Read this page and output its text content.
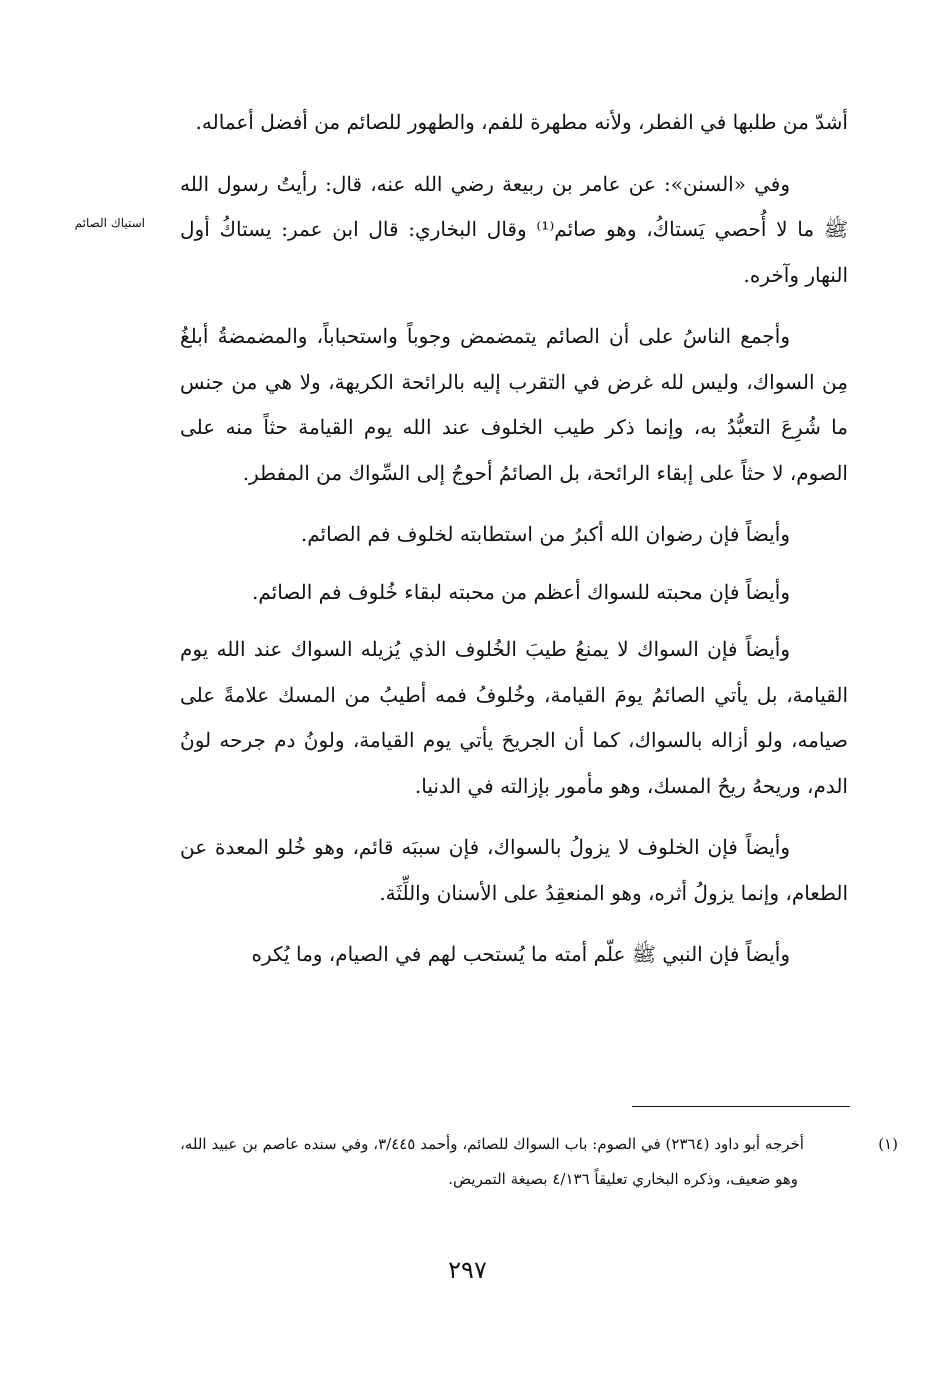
استياك الصائم

أشدّ من طلبها في الفطر، ولأنه مطهرة للفم، والطهور للصائم من أفضل أعماله.

وفي «السنن»: عن عامر بن ربيعة رضي الله عنه، قال: رأيتُ رسول الله ﷺ ما لا أُحصي يَستاكُ، وهو صائم⁽¹⁾ وقال البخاري: قال ابن عمر: يستاكُ أول النهار وآخره.

وأجمع الناسُ على أن الصائم يتمضمض وجوباً واستحباباً، والمضمضةُ أبلغُ مِن السواك، وليس لله غرض في التقرب إليه بالرائحة الكريهة، ولا هي من جنس ما شُرِعَ التعبُّدُ به، وإنما ذكر طيب الخلوف عند الله يوم القيامة حثاً منه على الصوم، لا حثاً على إبقاء الرائحة، بل الصائمُ أحوجُ إلى السِّواك من المفطر.

وأيضاً فإن رضوان الله أكبرُ من استطابته لخلوف فم الصائم.

وأيضاً فإن محبته للسواك أعظم من محبته لبقاء خُلوف فم الصائم.

وأيضاً فإن السواك لا يمنعُ طيبَ الخُلوف الذي يُزيله السواك عند الله يوم القيامة، بل يأتي الصائمُ يومَ القيامة، وخُلوفُ فمه أطيبُ من المسك علامةً على صيامه، ولو أزاله بالسواك، كما أن الجريحَ يأتي يوم القيامة، ولونُ دم جرحه لونُ الدم، وريحهُ ريحُ المسك، وهو مأمور بإزالته في الدنيا.

وأيضاً فإن الخلوف لا يزولُ بالسواك، فإن سببَه قائم، وهو خُلو المعدة عن الطعام، وإنما يزولُ أثره، وهو المنعقِدُ على الأسنان واللِّثَة.

وأيضاً فإن النبي ﷺ علّم أمته ما يُستحب لهم في الصيام، وما يُكره

(١)أخرجه أبو داود (٢٣٦٤) في الصوم: باب السواك للصائم، وأحمد ٣/٤٤٥، وفي سنده عاصم بن عبيد الله، وهو ضعيف، وذكره البخاري تعليقاً ٤/١٣٦ بصيغة التمريض.

٢٩٧
